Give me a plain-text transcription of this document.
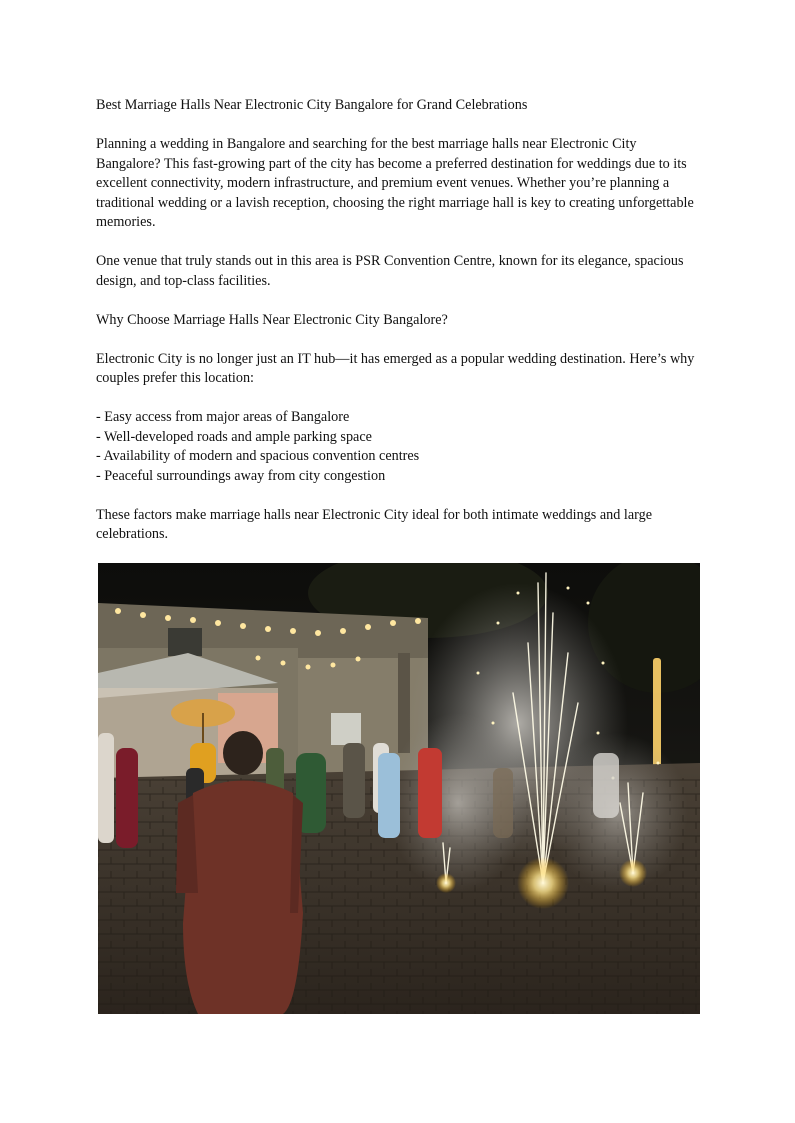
Best Marriage Halls Near Electronic City Bangalore for Grand Celebrations

Planning a wedding in Bangalore and searching for the best marriage halls near Electronic City Bangalore? This fast-growing part of the city has become a preferred destination for weddings due to its excellent connectivity, modern infrastructure, and premium event venues. Whether you’re planning a traditional wedding or a lavish reception, choosing the right marriage hall is key to creating unforgettable memories.

One venue that truly stands out in this area is PSR Convention Centre, known for its elegance, spacious design, and top-class facilities.

Why Choose Marriage Halls Near Electronic City Bangalore?

Electronic City is no longer just an IT hub—it has emerged as a popular wedding destination. Here’s why couples prefer this location:

- Easy access from major areas of Bangalore
- Well-developed roads and ample parking space
- Availability of modern and spacious convention centres
- Peaceful surroundings away from city congestion

These factors make marriage halls near Electronic City ideal for both intimate weddings and large celebrations.
